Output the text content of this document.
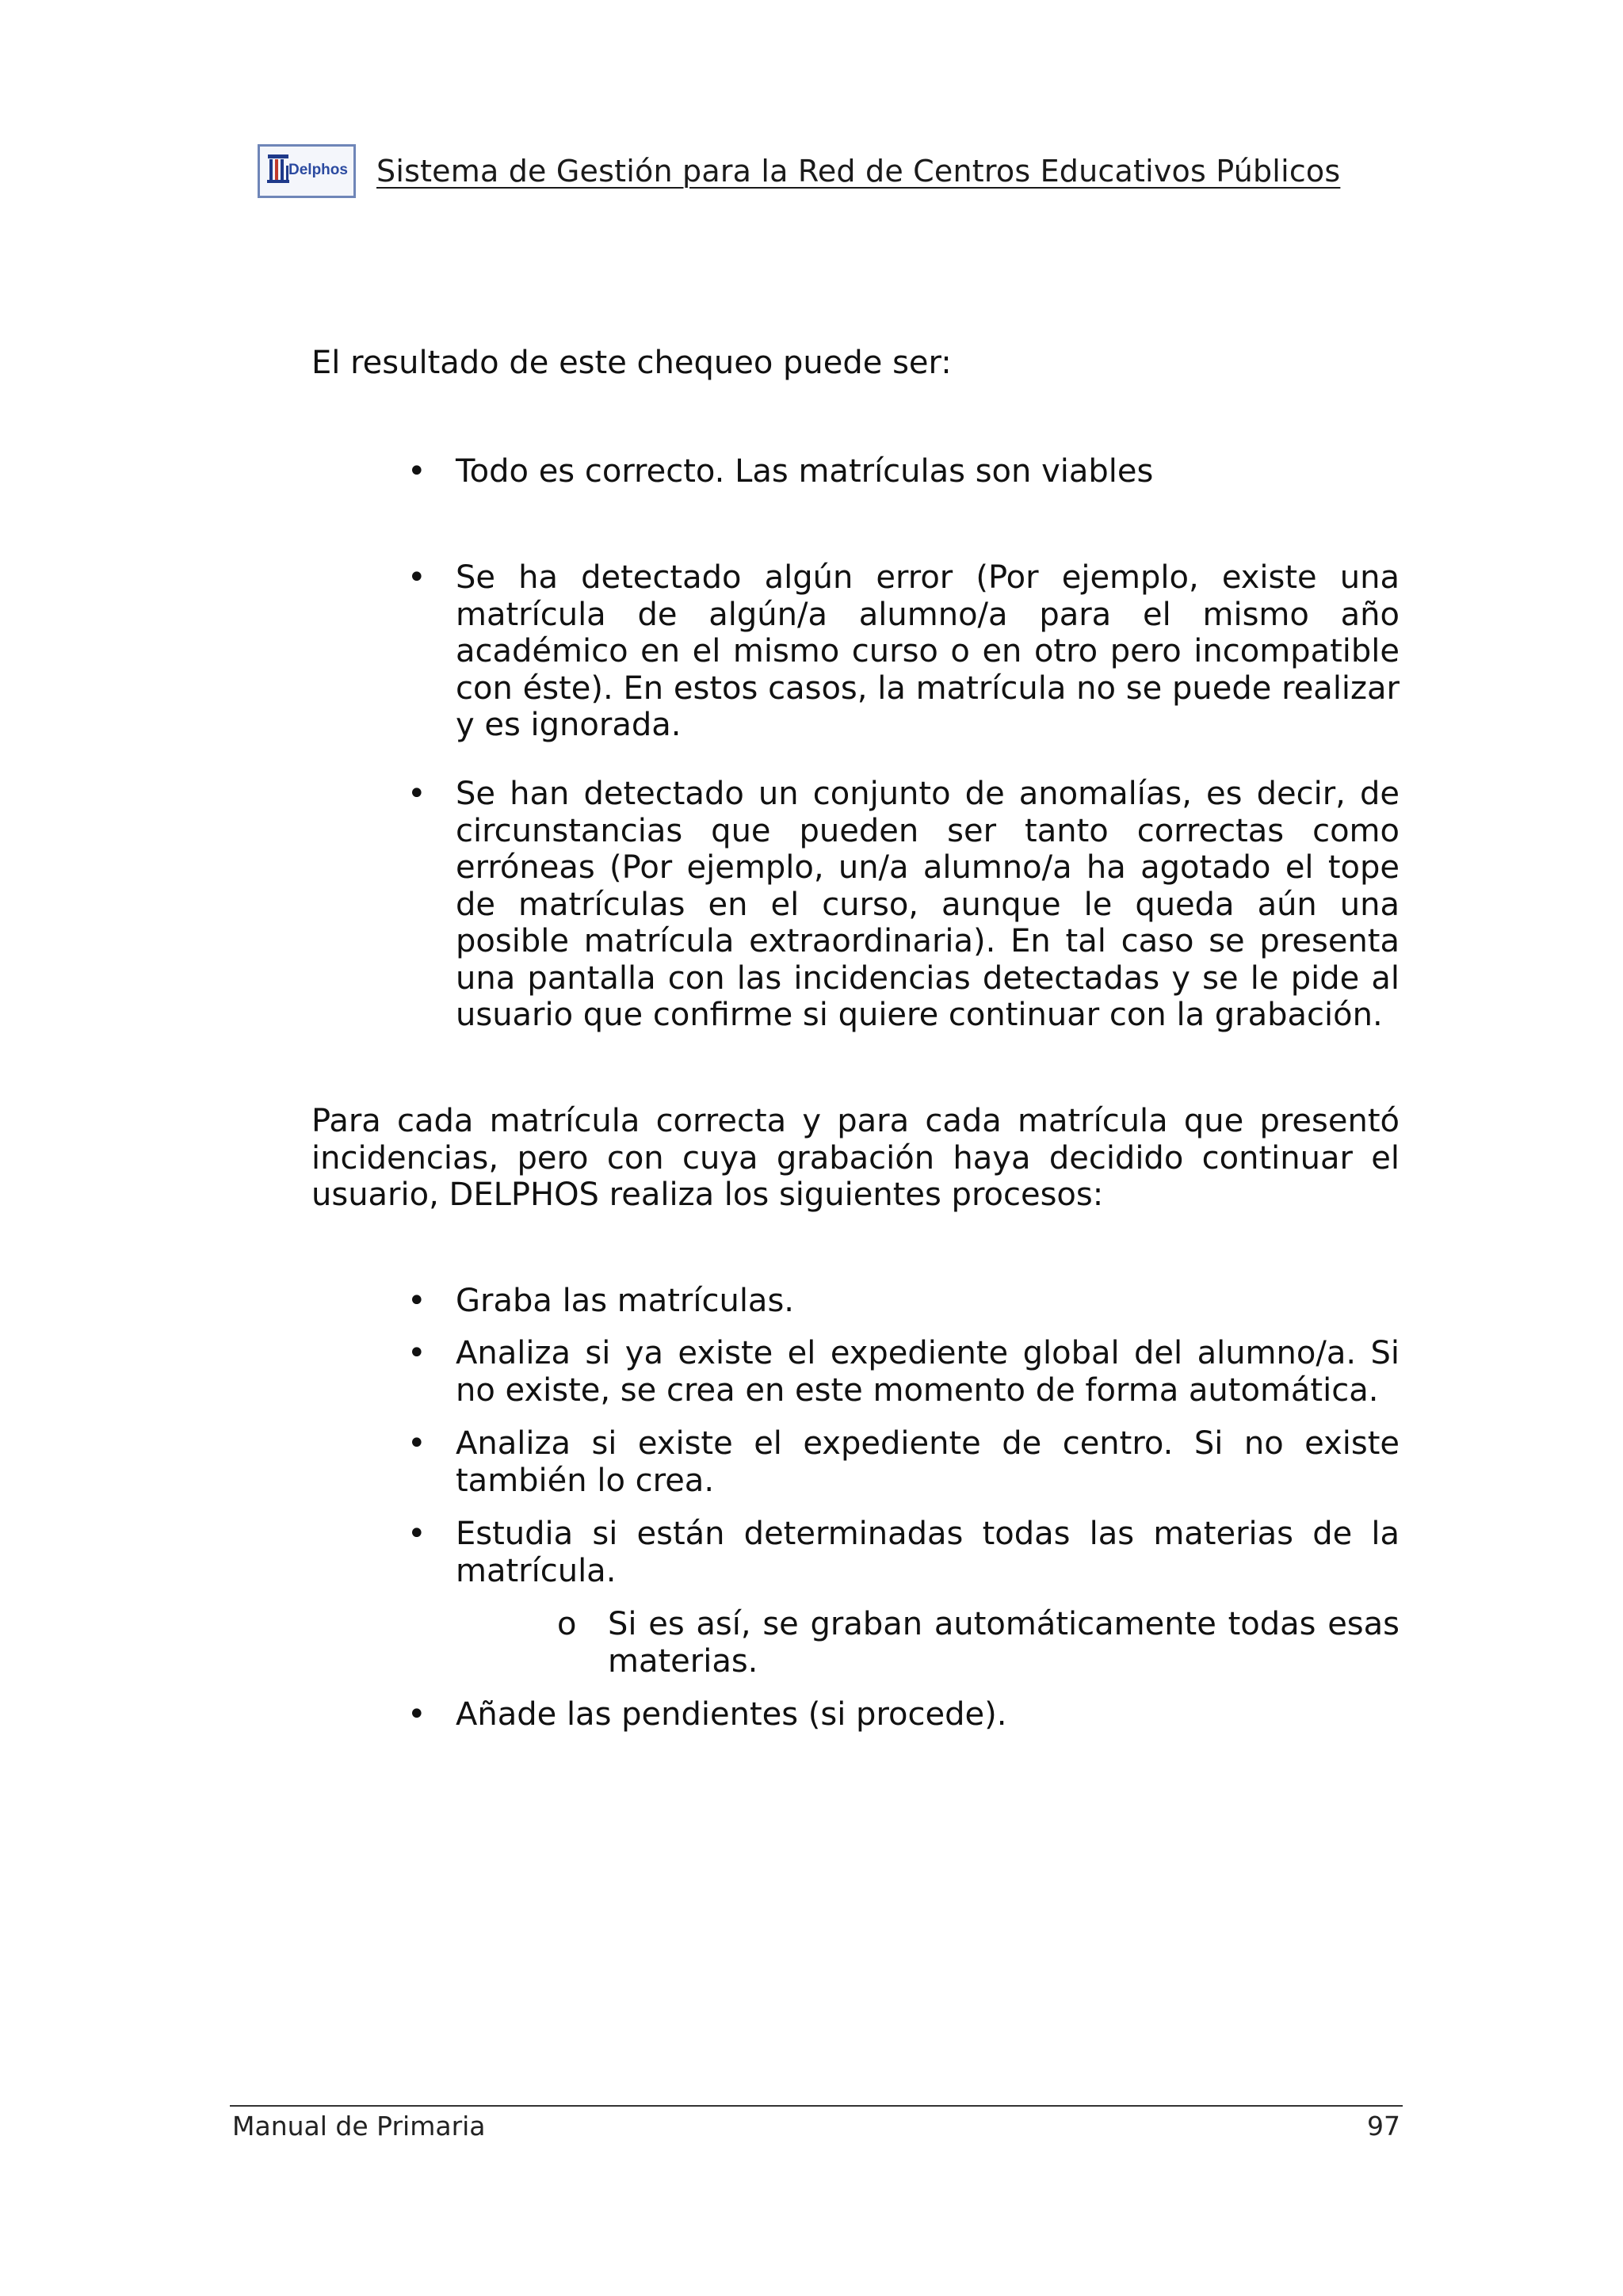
Delphos Sistema de Gestión para la Red de Centros Educativos Públicos

El resultado de este chequeo puede ser:

• Todo es correcto. Las matrículas son viables

• Se ha detectado algún error (Por ejemplo, existe una matrícula de algún/a alumno/a para el mismo año académico en el mismo curso o en otro pero incompatible con éste). En estos casos, la matrícula no se puede realizar y es ignorada.

• Se han detectado un conjunto de anomalías, es decir, de circunstancias que pueden ser tanto correctas como erróneas (Por ejemplo, un/a alumno/a ha agotado el tope de matrículas en el curso, aunque le queda aún una posible matrícula extraordinaria). En tal caso se presenta una pantalla con las incidencias detectadas y se le pide al usuario que confirme si quiere continuar con la grabación.

Para cada matrícula correcta y para cada matrícula que presentó incidencias, pero con cuya grabación haya decidido continuar el usuario, DELPHOS realiza los siguientes procesos:

• Graba las matrículas.

• Analiza si ya existe el expediente global del alumno/a. Si no existe, se crea en este momento de forma automática.

• Analiza si existe el expediente de centro. Si no existe también lo crea.

• Estudia si están determinadas todas las materias de la matrícula.

o Si es así, se graban automáticamente todas esas materias.

• Añade las pendientes (si procede).

Manual de Primaria	97
